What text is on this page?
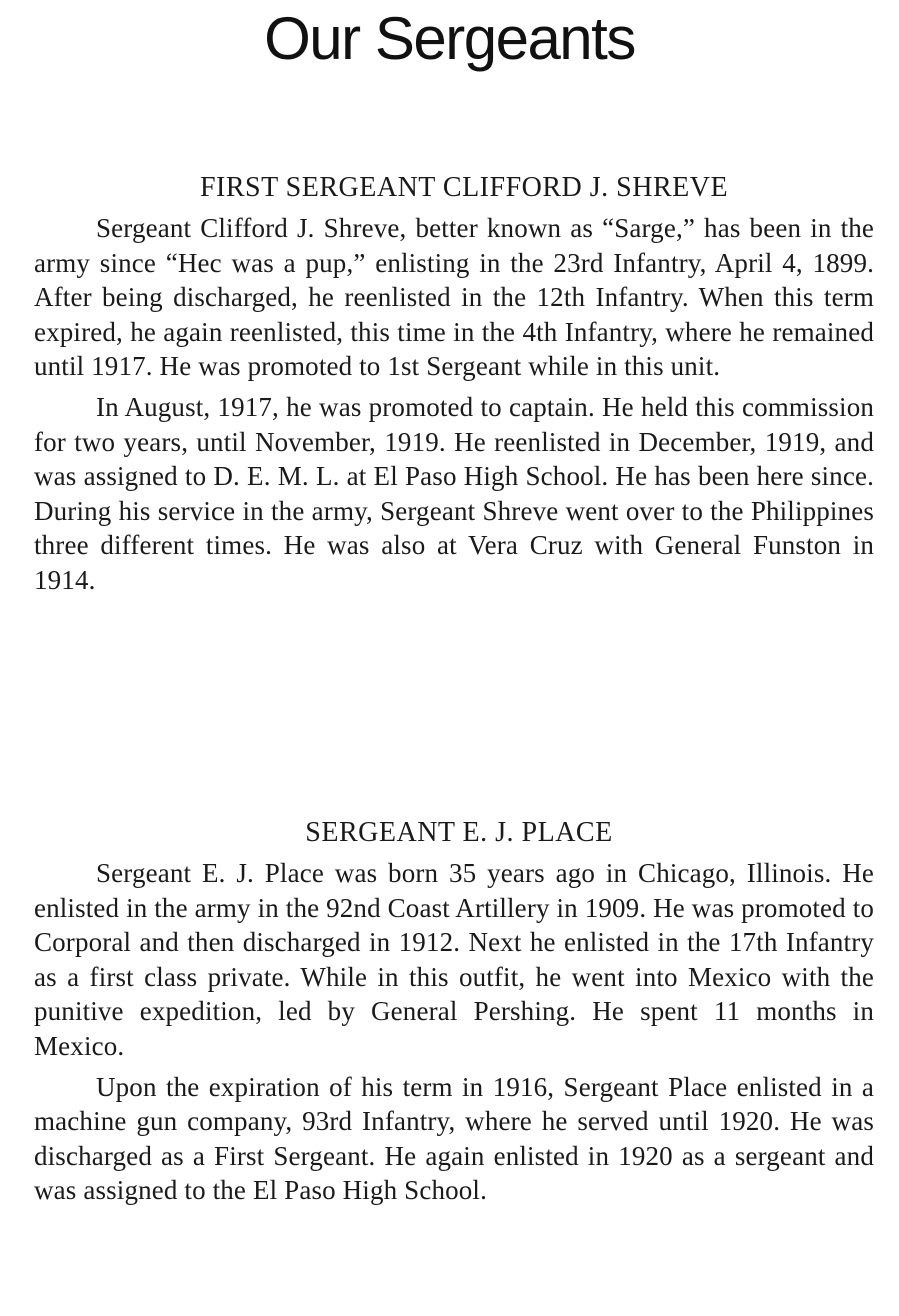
Our Sergeants
FIRST SERGEANT CLIFFORD J. SHREVE

Sergeant Clifford J. Shreve, better known as “Sarge,” has been in the army since “Hec was a pup,” enlisting in the 23rd Infantry, April 4, 1899. After being discharged, he reenlisted in the 12th Infantry. When this term expired, he again reenlisted, this time in the 4th Infantry, where he remained until 1917. He was promoted to 1st Sergeant while in this unit.

In August, 1917, he was promoted to captain. He held this commission for two years, until November, 1919. He reenlisted in December, 1919, and was assigned to D. E. M. L. at El Paso High School. He has been here since. During his service in the army, Sergeant Shreve went over to the Philippines three different times. He was also at Vera Cruz with General Funston in 1914.

SERGEANT E. J. PLACE

Sergeant E. J. Place was born 35 years ago in Chicago, Illinois. He enlisted in the army in the 92nd Coast Artillery in 1909. He was promoted to Corporal and then discharged in 1912. Next he enlisted in the 17th Infantry as a first class private. While in this outfit, he went into Mexico with the punitive expedition, led by General Pershing. He spent 11 months in Mexico.

Upon the expiration of his term in 1916, Sergeant Place enlisted in a machine gun company, 93rd Infantry, where he served until 1920. He was discharged as a First Sergeant. He again enlisted in 1920 as a sergeant and was assigned to the El Paso High School.
